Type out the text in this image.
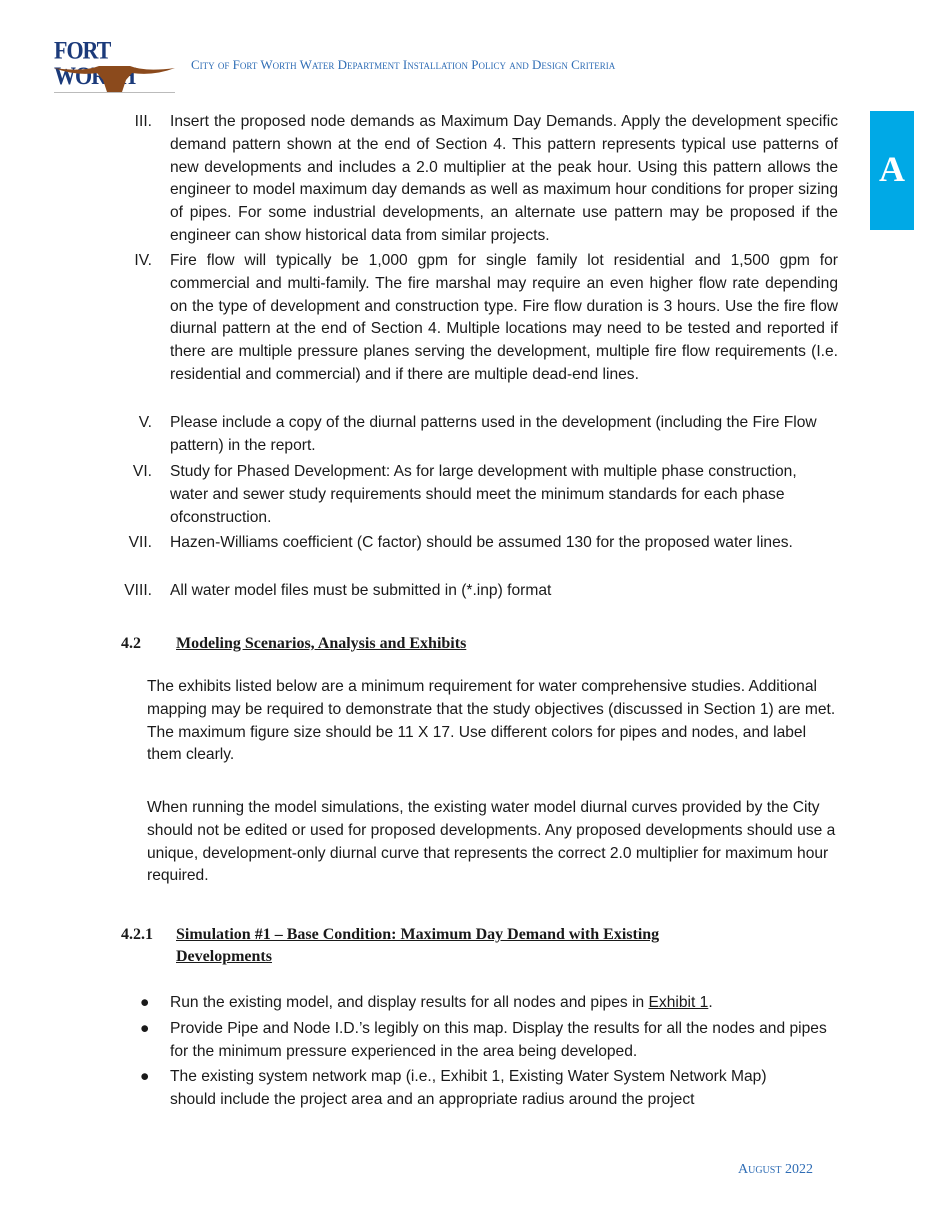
FORT WORTH	City of Fort Worth Water Department Installation Policy and Design Criteria
A
III. Insert the proposed node demands as Maximum Day Demands. Apply the development specific demand pattern shown at the end of Section 4. This pattern represents typical use patterns of new developments and includes a 2.0 multiplier at the peak hour. Using this pattern allows the engineer to model maximum day demands as well as maximum hour conditions for proper sizing of pipes. For some industrial developments, an alternate use pattern may be proposed if the engineer can show historical data from similar projects.
IV. Fire flow will typically be 1,000 gpm for single family lot residential and 1,500 gpm for commercial and multi-family. The fire marshal may require an even higher flow rate depending on the type of development and construction type. Fire flow duration is 3 hours. Use the fire flow diurnal pattern at the end of Section 4. Multiple locations may need to be tested and reported if there are multiple pressure planes serving the development, multiple fire flow requirements (I.e. residential and commercial) and if there are multiple dead-end lines.
V. Please include a copy of the diurnal patterns used in the development (including the Fire Flow pattern) in the report.
VI. Study for Phased Development: As for large development with multiple phase construction, water and sewer study requirements should meet the minimum standards for each phase ofconstruction.
VII. Hazen-Williams coefficient (C factor) should be assumed 130 for the proposed water lines.
VIII. All water model files must be submitted in (*.inp) format
4.2 Modeling Scenarios, Analysis and Exhibits
The exhibits listed below are a minimum requirement for water comprehensive studies. Additional mapping may be required to demonstrate that the study objectives (discussed in Section 1) are met. The maximum figure size should be 11 X 17. Use different colors for pipes and nodes, and label them clearly.
When running the model simulations, the existing water model diurnal curves provided by the City should not be edited or used for proposed developments. Any proposed developments should use a unique, development-only diurnal curve that represents the correct 2.0 multiplier for maximum hour required.
4.2.1 Simulation #1 – Base Condition: Maximum Day Demand with Existing
Developments
● Run the existing model, and display results for all nodes and pipes in Exhibit 1.
● Provide Pipe and Node I.D.’s legibly on this map. Display the results for all the nodes and pipes for the minimum pressure experienced in the area being developed.
● The existing system network map (i.e., Exhibit 1, Existing Water System Network Map) should include the project area and an appropriate radius around the project
August 2022
